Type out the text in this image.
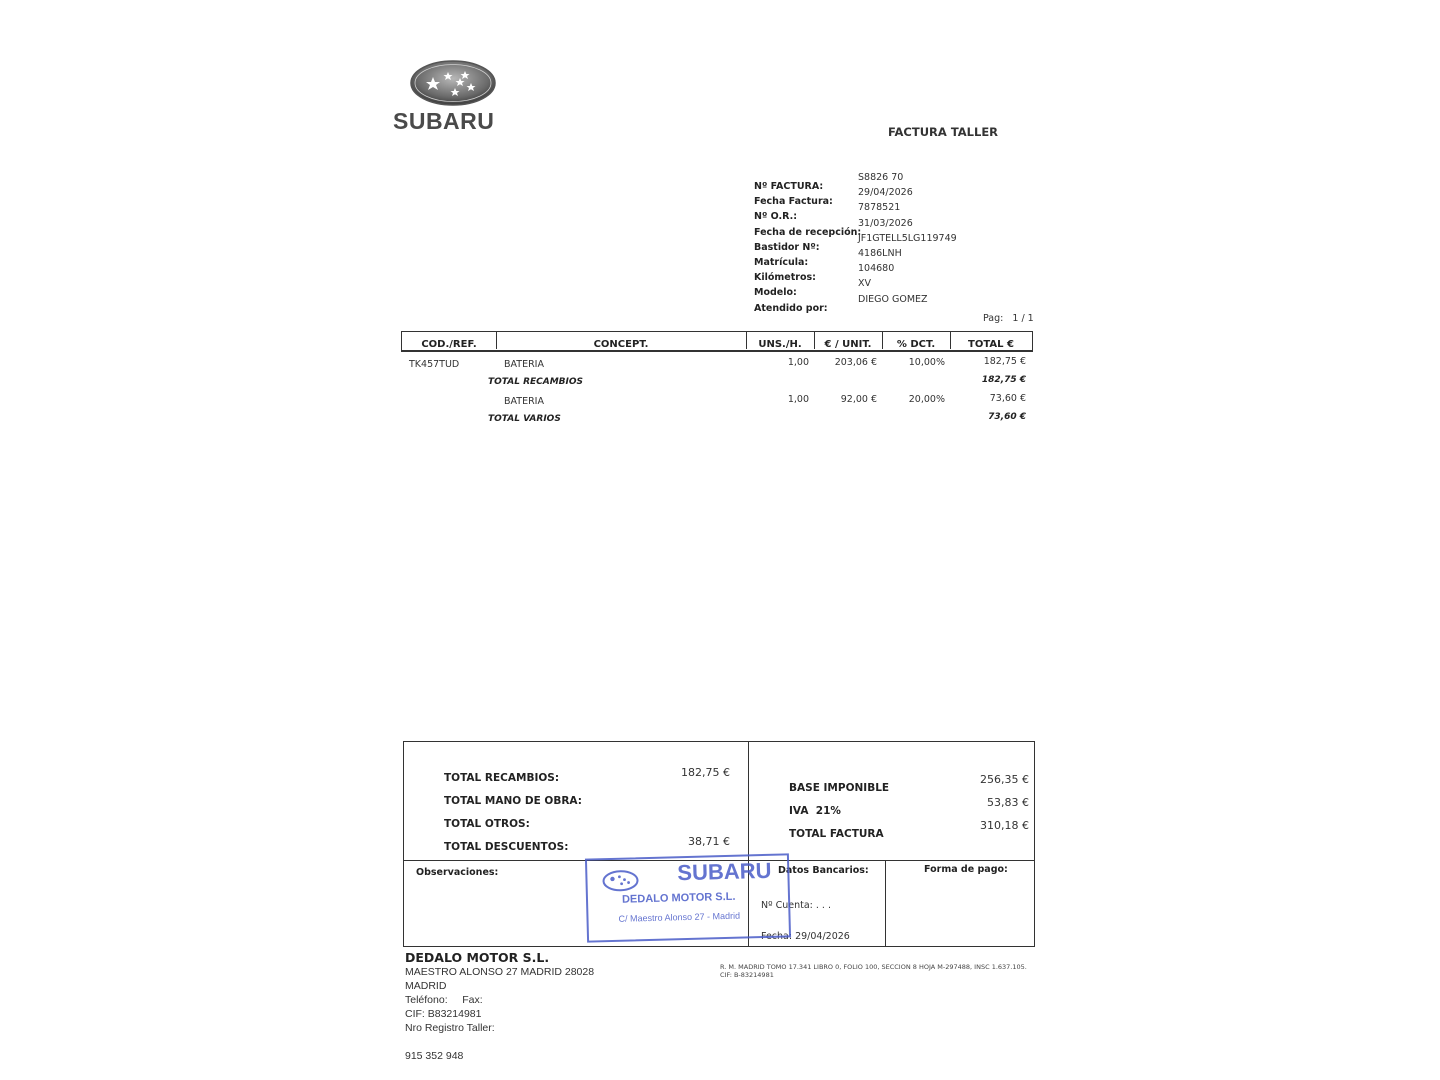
SUBARU	FACTURA TALLER
Nº FACTURA:
S8826 70
Fecha Factura:
29/04/2026
Nº O.R.:
7878521
Fecha de recepción:
31/03/2026
Bastidor Nº:
JF1GTELL5LG119749
Matrícula:
4186LNH
Kilómetros:
104680
Modelo:
XV
Atendido por:
DIEGO GOMEZ
Pag: 1 / 1
COD./REF.	CONCEPT.	UNS./H.	€ / UNIT.	% DCT.	TOTAL €
TK457TUD	BATERIA	1,00	203,06 €	10,00%	182,75 €
TOTAL RECAMBIOS	182,75 €
BATERIA	1,00	92,00 €	20,00%	73,60 €
TOTAL VARIOS	73,60 €
TOTAL RECAMBIOS:	182,75 €
TOTAL MANO DE OBRA:
TOTAL OTROS:
TOTAL DESCUENTOS:	38,71 €
BASE IMPONIBLE
256,35 €
IVA  21%
53,83 €
TOTAL FACTURA
310,18 €
Observaciones:	Datos Bancarios:
Nº Cuenta: . . .
Fecha: 29/04/2026
Forma de pago:
SUBARU
DEDALO MOTOR S.L.
C/ Maestro Alonso 27 - Madrid
DEDALO MOTOR S.L.
MAESTRO ALONSO 27 MADRID 28028
MADRID
Teléfono:     Fax:
CIF: B83214981
Nro Registro Taller:
915 352 948
R. M. MADRID TOMO 17.341 LIBRO 0, FOLIO 100, SECCION 8 HOJA M-297488, INSC 1.637.105.
CIF: B-83214981
